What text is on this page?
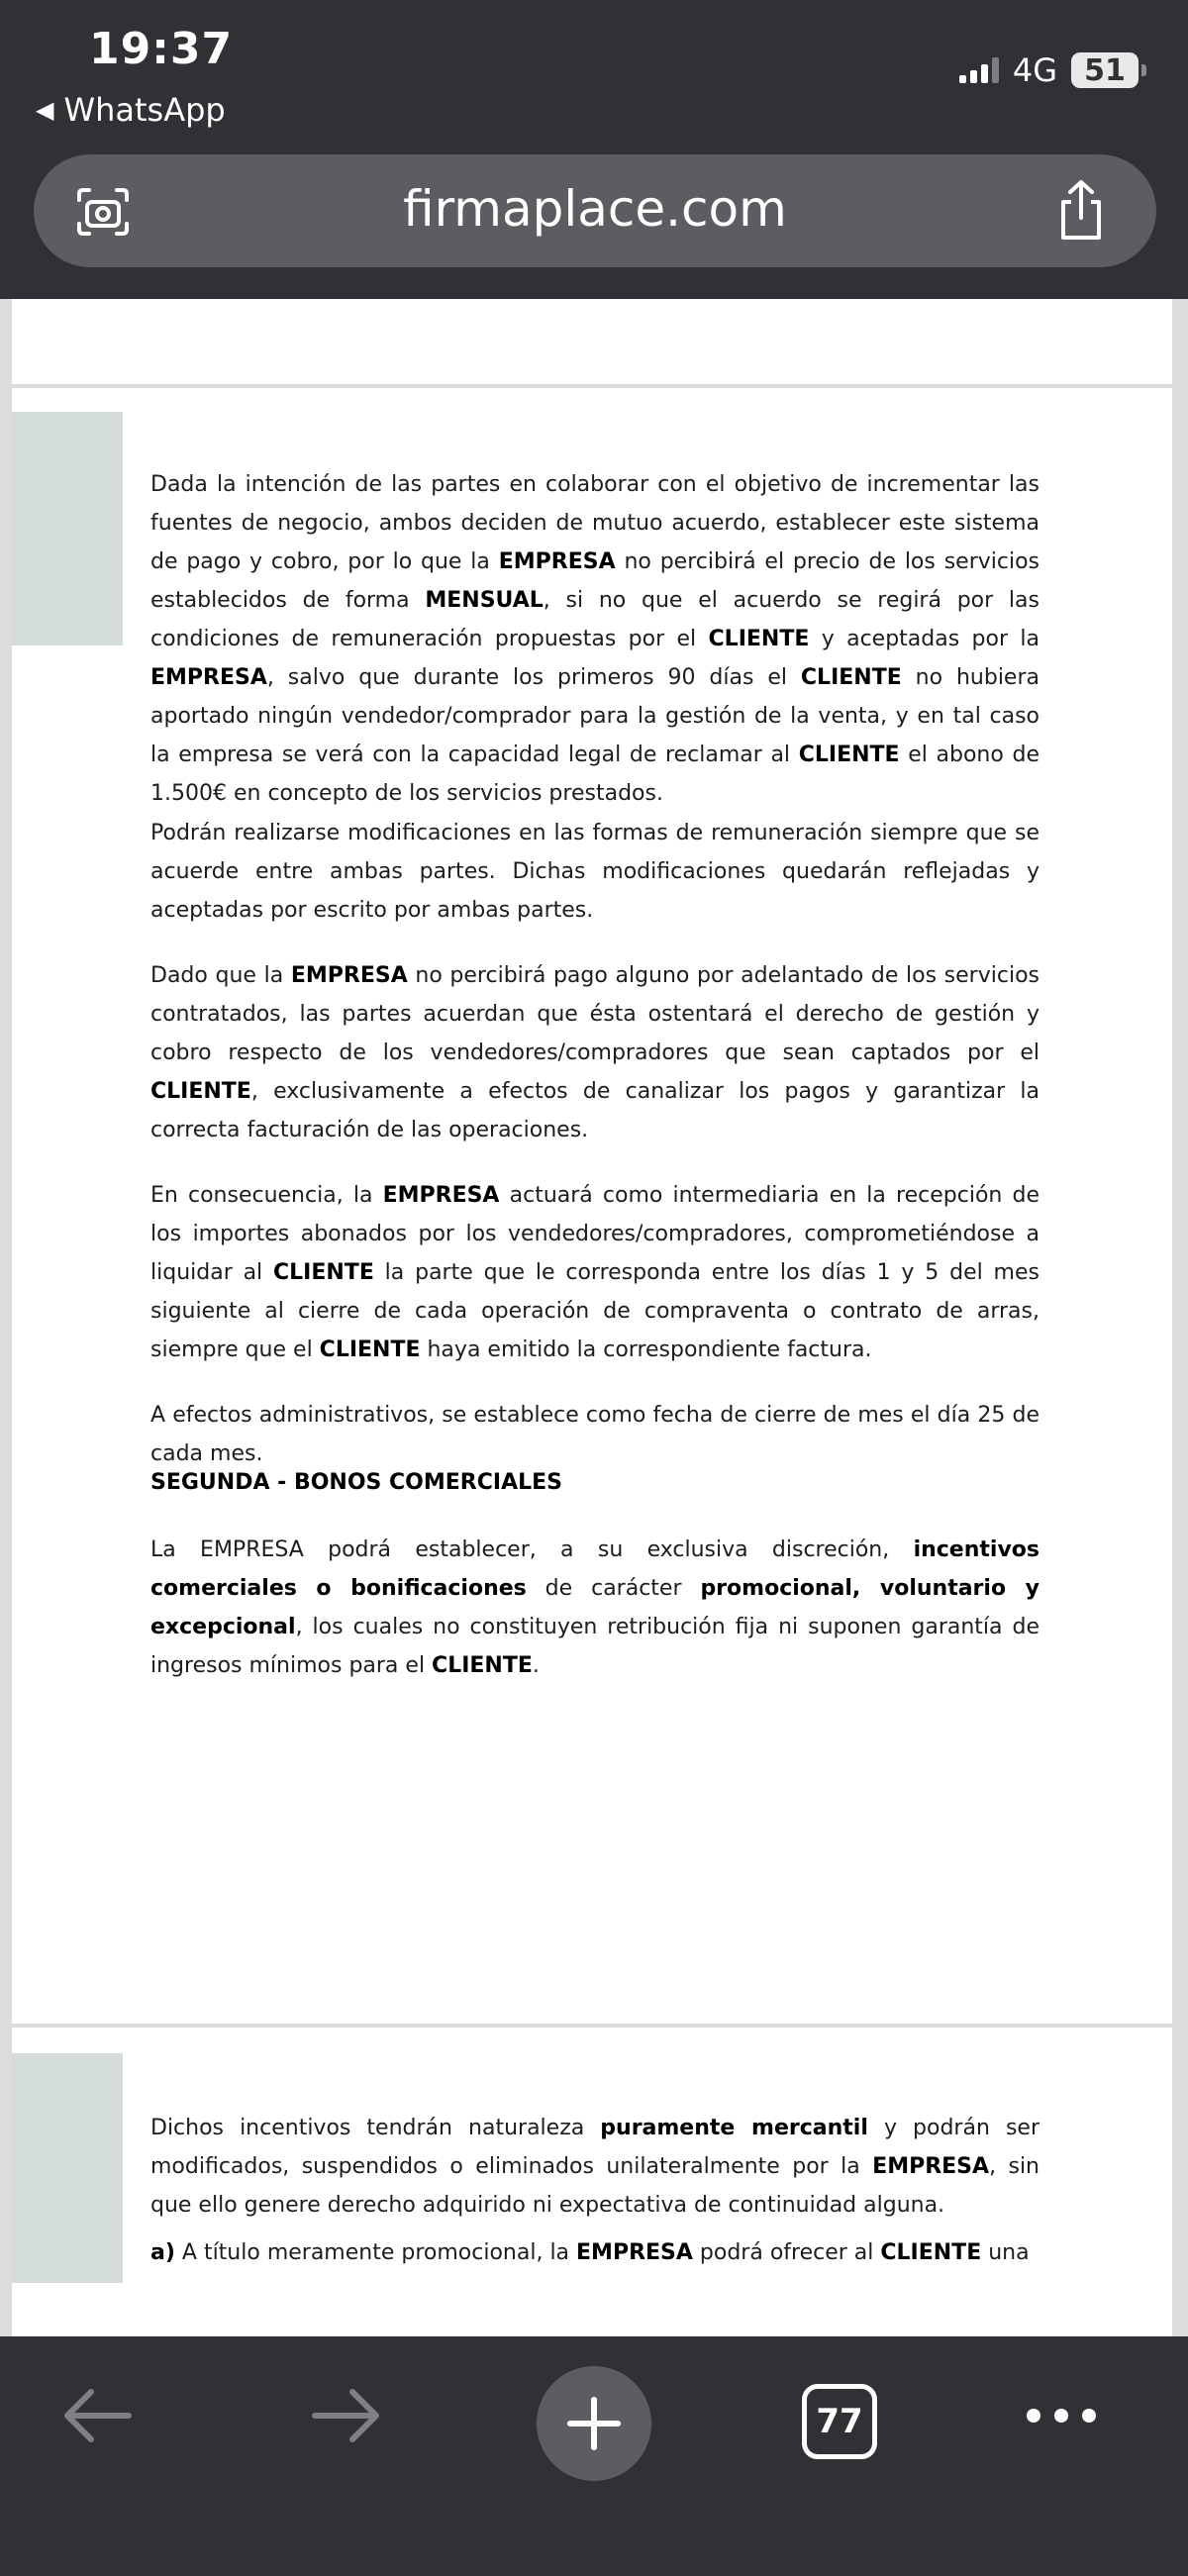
19:37
◀ WhatsApp
4G 51
firmaplace.com

Dada la intención de las partes en colaborar con el objetivo de incrementar las fuentes de negocio, ambos deciden de mutuo acuerdo, establecer este sistema de pago y cobro, por lo que la EMPRESA no percibirá el precio de los servicios establecidos de forma MENSUAL, si no que el acuerdo se regirá por las condiciones de remuneración propuestas por el CLIENTE y aceptadas por la EMPRESA, salvo que durante los primeros 90 días el CLIENTE no hubiera aportado ningún vendedor/comprador para la gestión de la venta, y en tal caso la empresa se verá con la capacidad legal de reclamar al CLIENTE el abono de 1.500€ en concepto de los servicios prestados.

Podrán realizarse modificaciones en las formas de remuneración siempre que se acuerde entre ambas partes. Dichas modificaciones quedarán reflejadas y aceptadas por escrito por ambas partes.

Dado que la EMPRESA no percibirá pago alguno por adelantado de los servicios contratados, las partes acuerdan que ésta ostentará el derecho de gestión y cobro respecto de los vendedores/compradores que sean captados por el CLIENTE, exclusivamente a efectos de canalizar los pagos y garantizar la correcta facturación de las operaciones.

En consecuencia, la EMPRESA actuará como intermediaria en la recepción de los importes abonados por los vendedores/compradores, comprometiéndose a liquidar al CLIENTE la parte que le corresponda entre los días 1 y 5 del mes siguiente al cierre de cada operación de compraventa o contrato de arras, siempre que el CLIENTE haya emitido la correspondiente factura.

A efectos administrativos, se establece como fecha de cierre de mes el día 25 de cada mes.

SEGUNDA - BONOS COMERCIALES

La EMPRESA podrá establecer, a su exclusiva discreción, incentivos comerciales o bonificaciones de carácter promocional, voluntario y excepcional, los cuales no constituyen retribución fija ni suponen garantía de ingresos mínimos para el CLIENTE.

Dichos incentivos tendrán naturaleza puramente mercantil y podrán ser modificados, suspendidos o eliminados unilateralmente por la EMPRESA, sin que ello genere derecho adquirido ni expectativa de continuidad alguna.

a) A título meramente promocional, la EMPRESA podrá ofrecer al CLIENTE una

77
